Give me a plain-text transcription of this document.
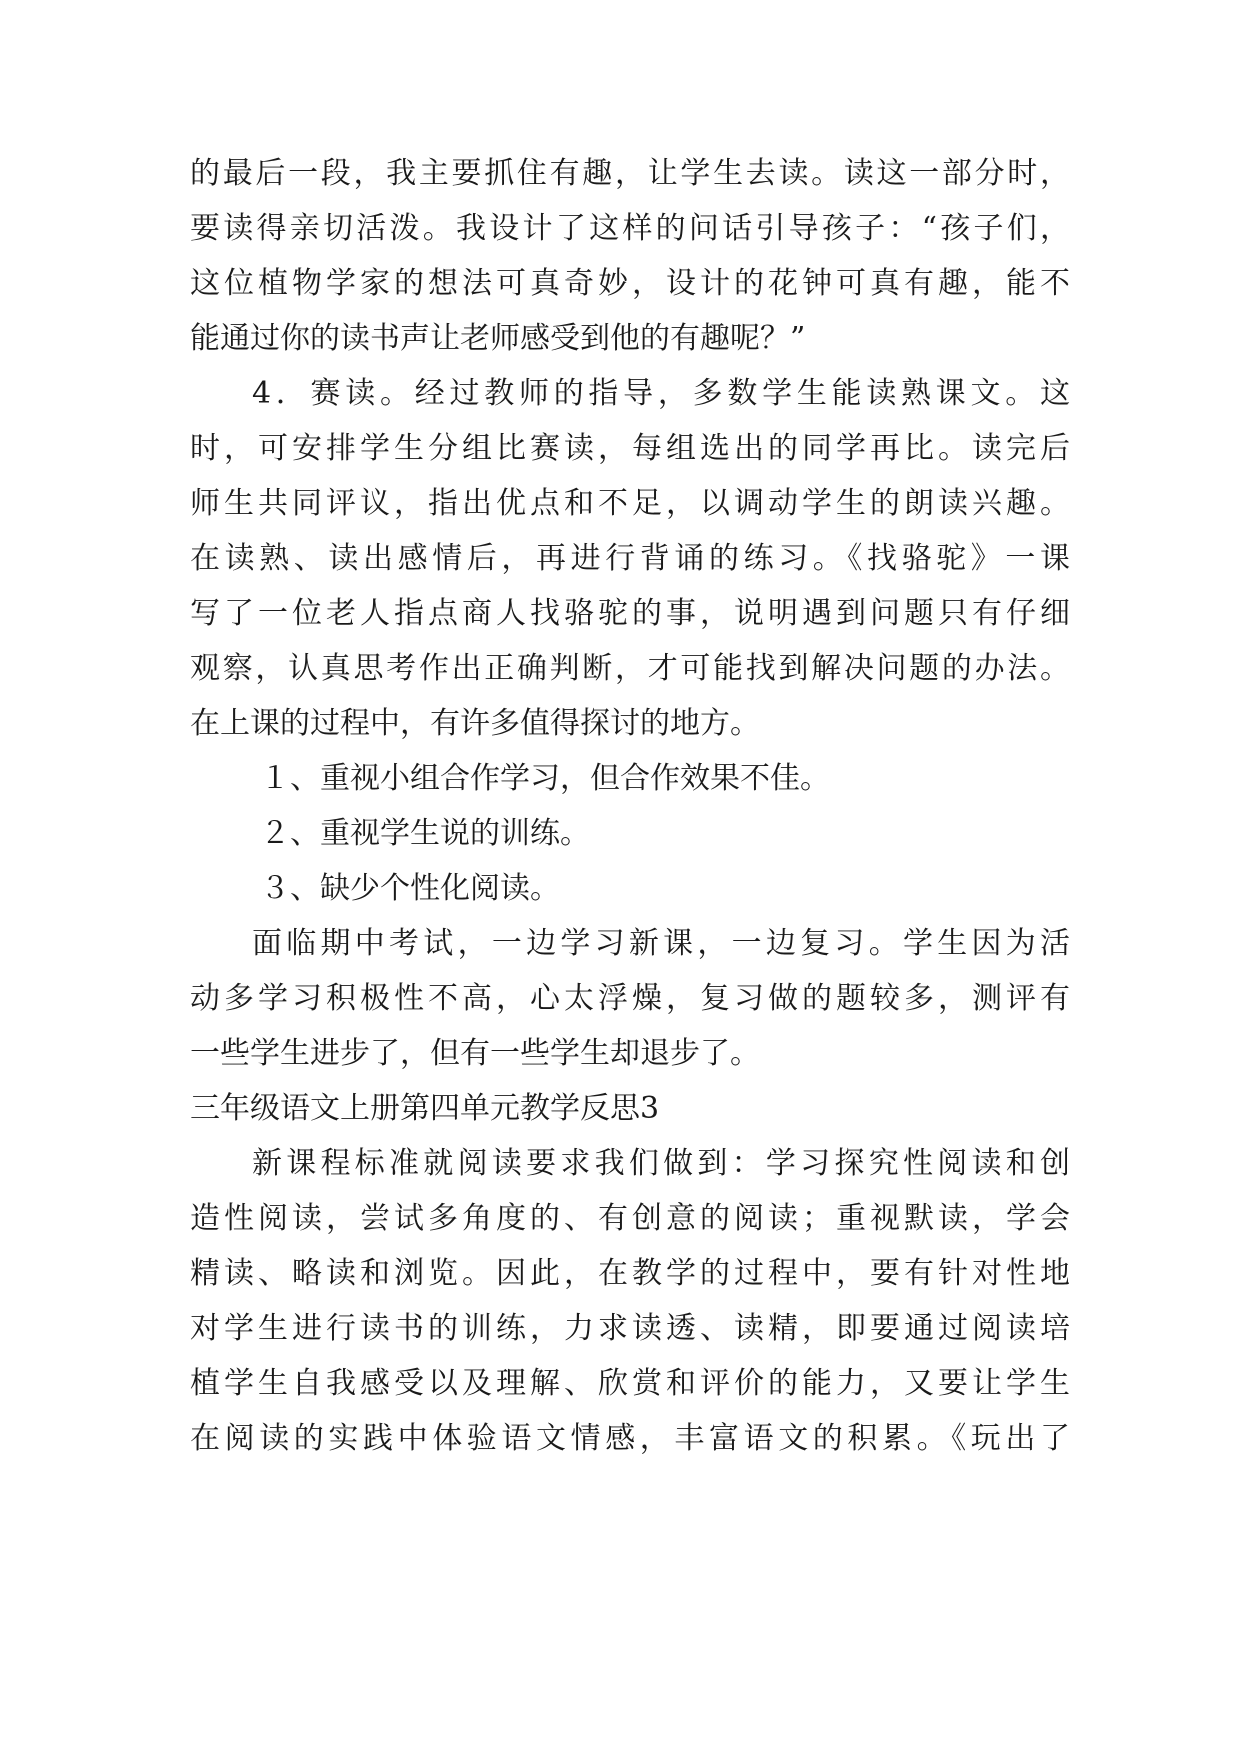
的最后一段，我主要抓住有趣，让学生去读。读这一部分时，
要读得亲切活泼。我设计了这样的问话引导孩子：“孩子们，
这位植物学家的想法可真奇妙，设计的花钟可真有趣，能不
能通过你的读书声让老师感受到他的有趣呢？”
4．赛读。经过教师的指导，多数学生能读熟课文。这
时，可安排学生分组比赛读，每组选出的同学再比。读完后
师生共同评议，指出优点和不足，以调动学生的朗读兴趣。
在读熟、读出感情后，再进行背诵的练习。《找骆驼》一课
写了一位老人指点商人找骆驼的事，说明遇到问题只有仔细
观察，认真思考作出正确判断，才可能找到解决问题的办法。
在上课的过程中，有许多值得探讨的地方。
１、重视小组合作学习，但合作效果不佳。
２、重视学生说的训练。
３、缺少个性化阅读。
面临期中考试，一边学习新课，一边复习。学生因为活
动多学习积极性不高，心太浮燥，复习做的题较多，测评有
一些学生进步了，但有一些学生却退步了。
三年级语文上册第四单元教学反思3
新课程标准就阅读要求我们做到：学习探究性阅读和创
造性阅读，尝试多角度的、有创意的阅读；重视默读，学会
精读、略读和浏览。因此，在教学的过程中，要有针对性地
对学生进行读书的训练，力求读透、读精，即要通过阅读培
植学生自我感受以及理解、欣赏和评价的能力，又要让学生
在阅读的实践中体验语文情感，丰富语文的积累。《玩出了
